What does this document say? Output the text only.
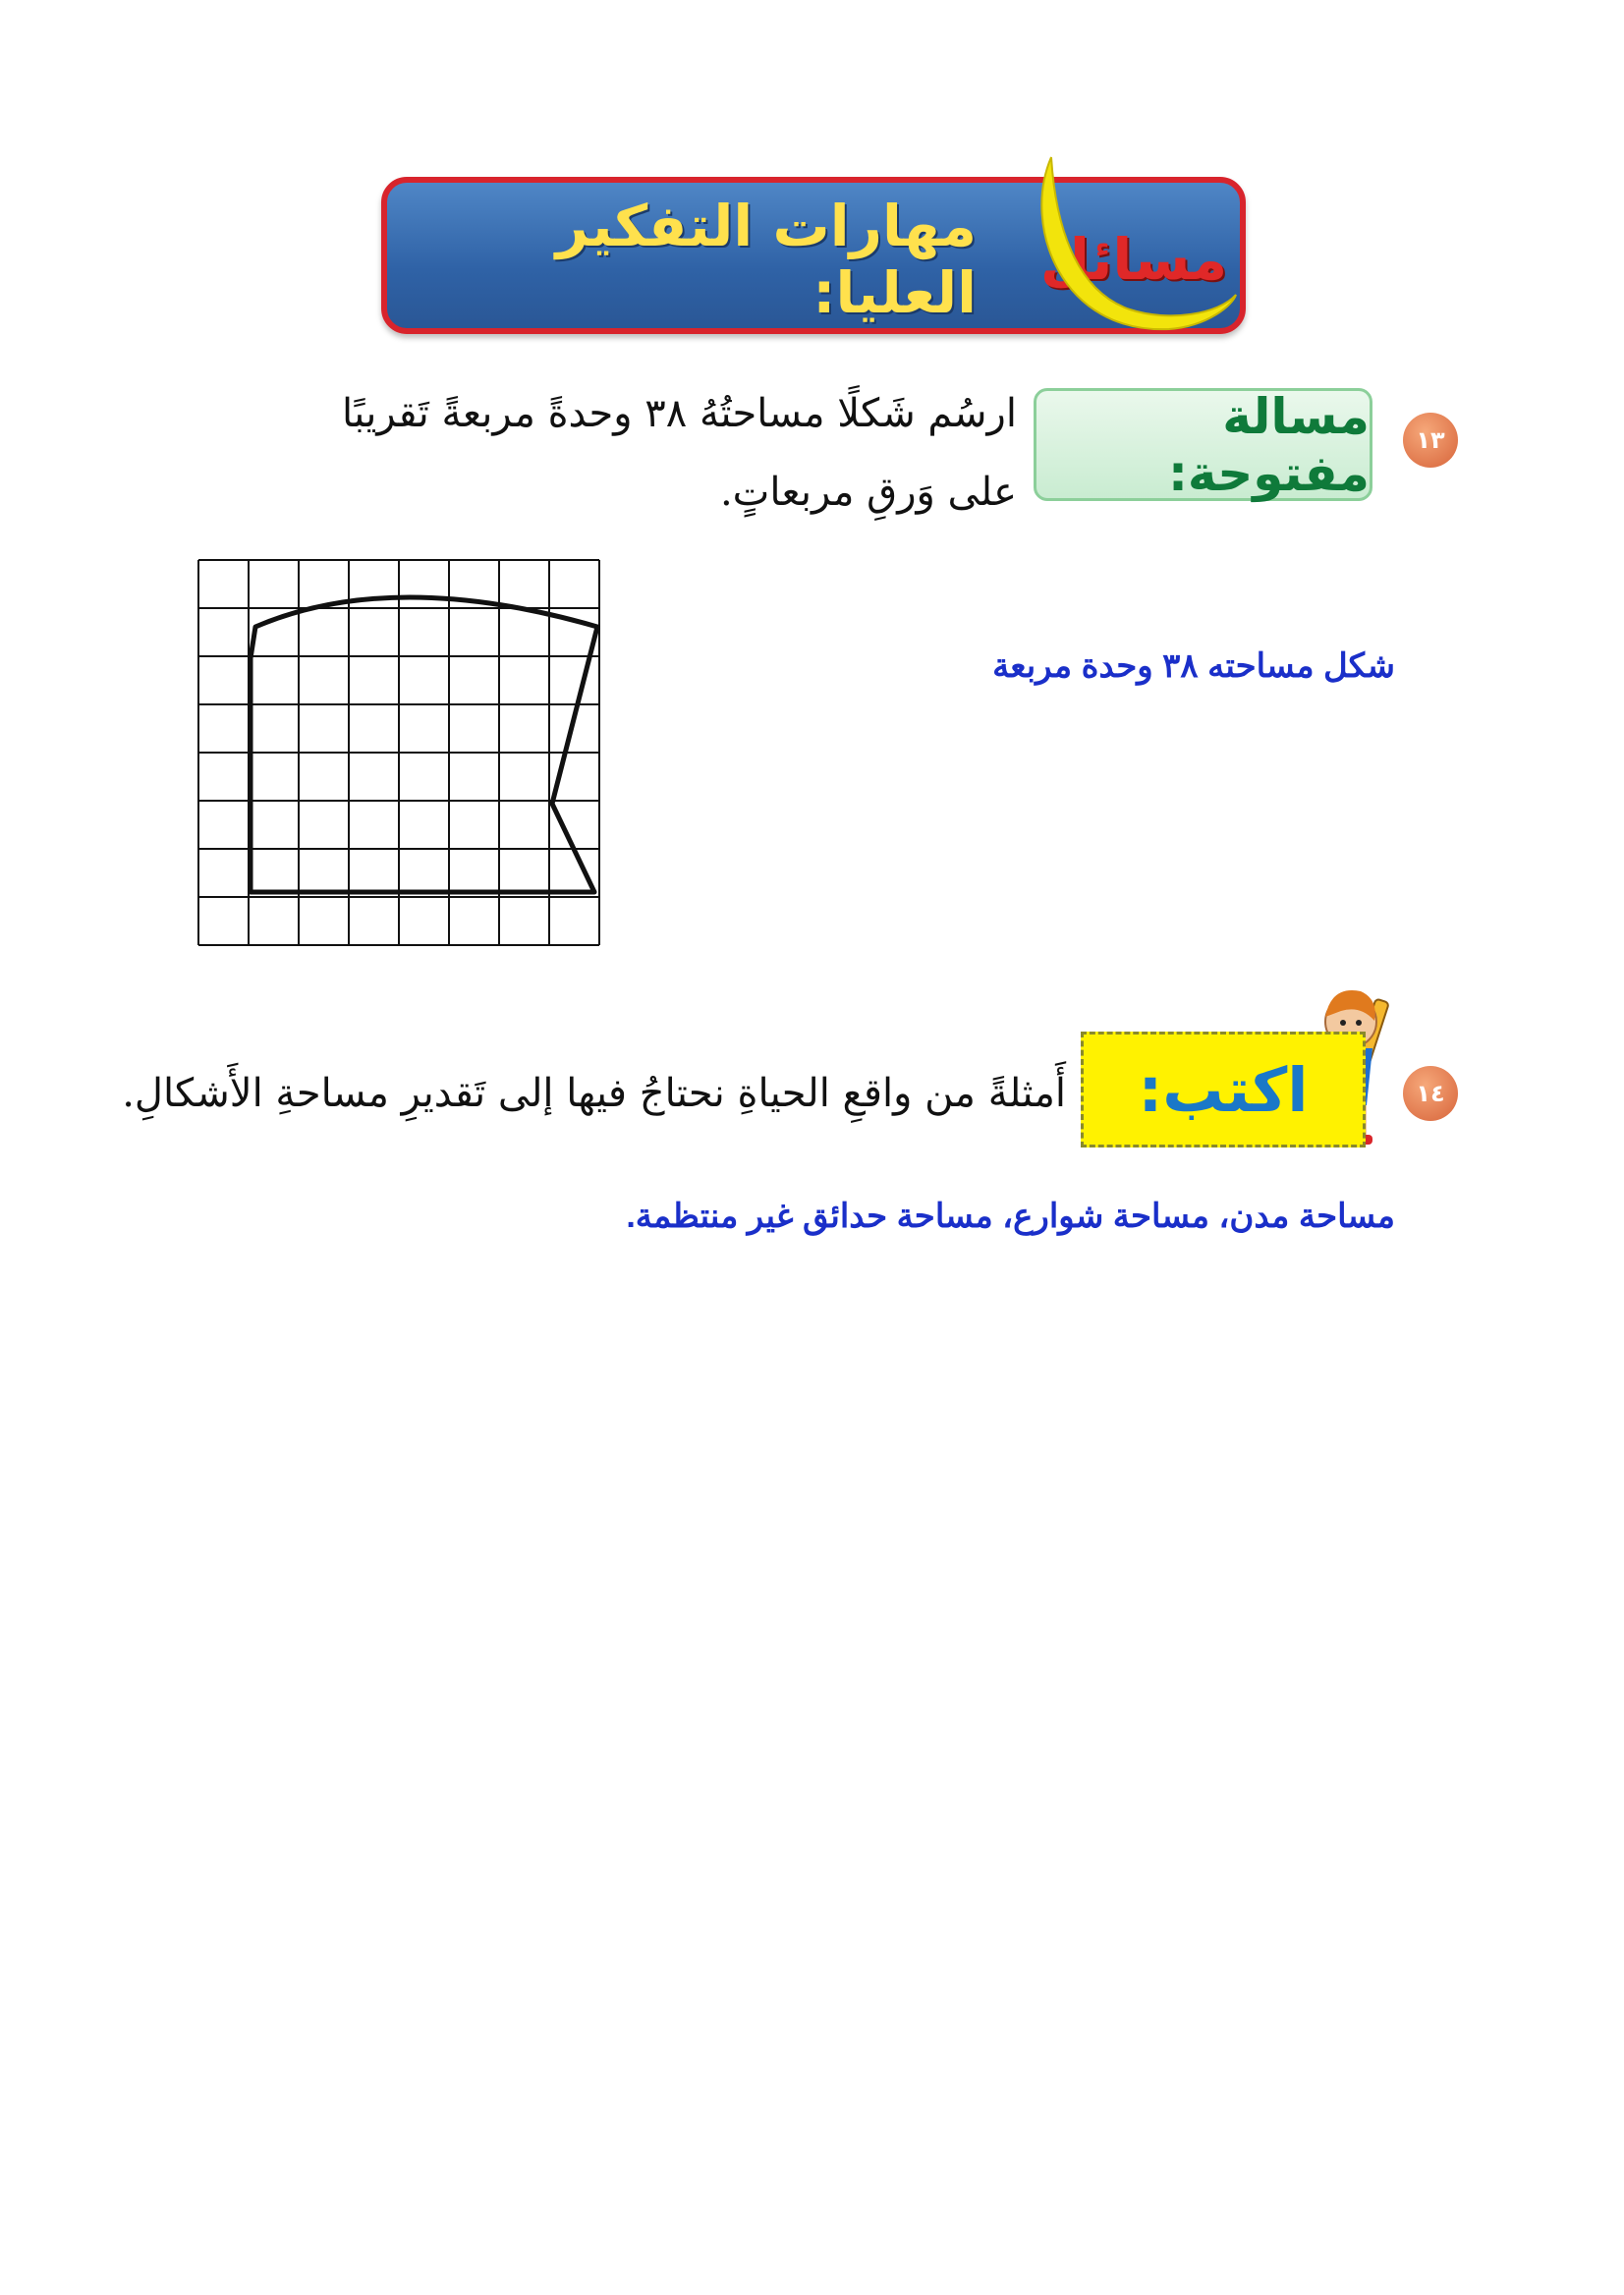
مهارات التفكير العليا: مسائل
١٣
مسالة مفتوحة:
ارسُم شَكلًا مساحتُهُ ٣٨ وحدةً مربعةً تَقريبًا
على وَرقِ مربعاتٍ.
شكل مساحته ٣٨ وحدة مربعة
١٤
اكتب:
أَمثلةً من واقعِ الحياةِ نحتاجُ فيها إلى تَقديرِ مساحةِ الأَشكالِ.
مساحة مدن، مساحة شوارع، مساحة حدائق غير منتظمة.
